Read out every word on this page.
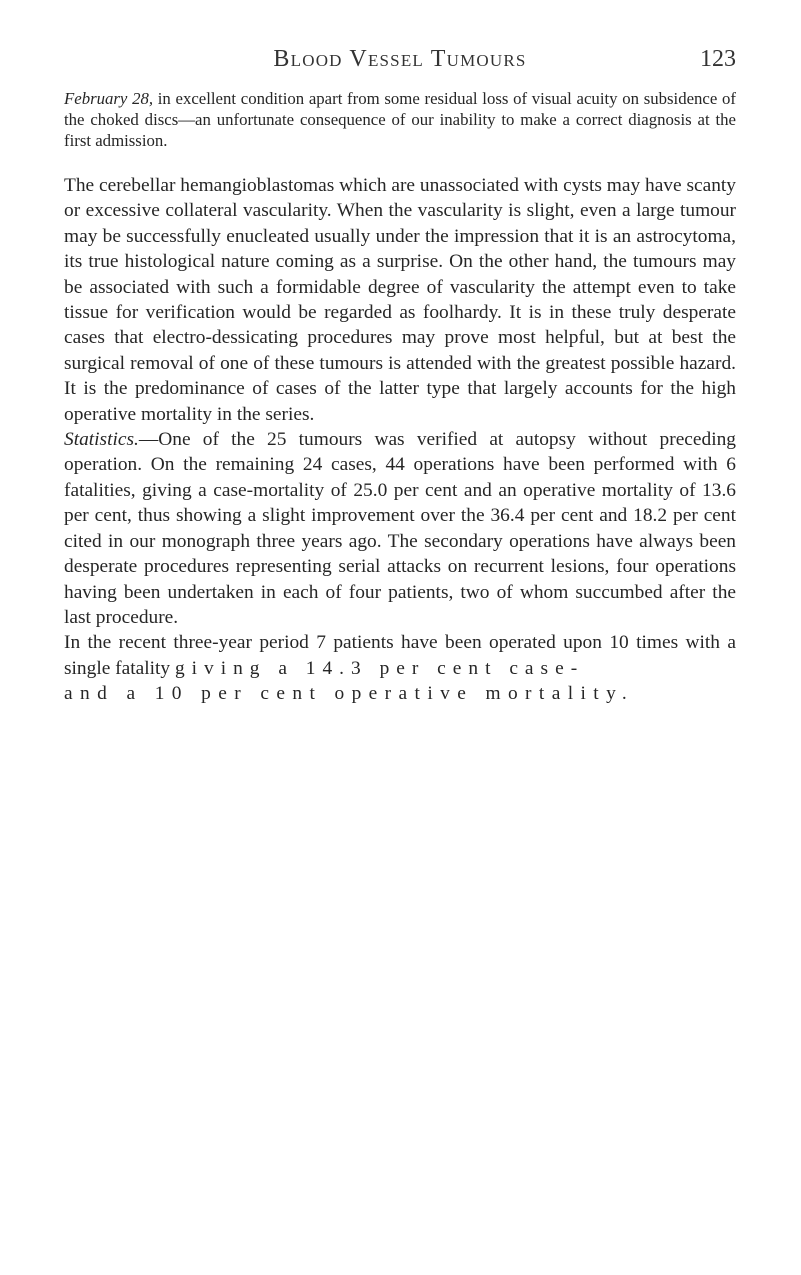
Blood Vessel Tumours	123

February 28, in excellent condition apart from some residual loss of visual acuity on subsidence of the choked discs—an unfortunate consequence of our inability to make a correct diagnosis at the first admission.

The cerebellar hemangioblastomas which are unassociated with cysts may have scanty or excessive collateral vascularity. When the vascularity is slight, even a large tumour may be successfully enucleated usually under the impression that it is an astrocytoma, its true histological nature coming as a surprise. On the other hand, the tumours may be associated with such a formidable degree of vascularity the attempt even to take tissue for verification would be regarded as foolhardy. It is in these truly desperate cases that electro-dessicating procedures may prove most helpful, but at best the surgical removal of one of these tumours is attended with the greatest possible hazard. It is the predominance of cases of the latter type that largely accounts for the high operative mortality in the series.

Statistics.—One of the 25 tumours was verified at autopsy without preceding operation. On the remaining 24 cases, 44 operations have been performed with 6 fatalities, giving a case-mortality of 25.0 per cent and an operative mortality of 13.6 per cent, thus showing a slight improvement over the 36.4 per cent and 18.2 per cent cited in our monograph three years ago. The secondary operations have always been desperate procedures representing serial attacks on recurrent lesions, four operations having been undertaken in each of four patients, two of whom succumbed after the last procedure.

In the recent three-year period 7 patients have been operated upon 10 times with a single fatality giving a 14.3 per cent case-

and a 10 per cent operative mortality.
